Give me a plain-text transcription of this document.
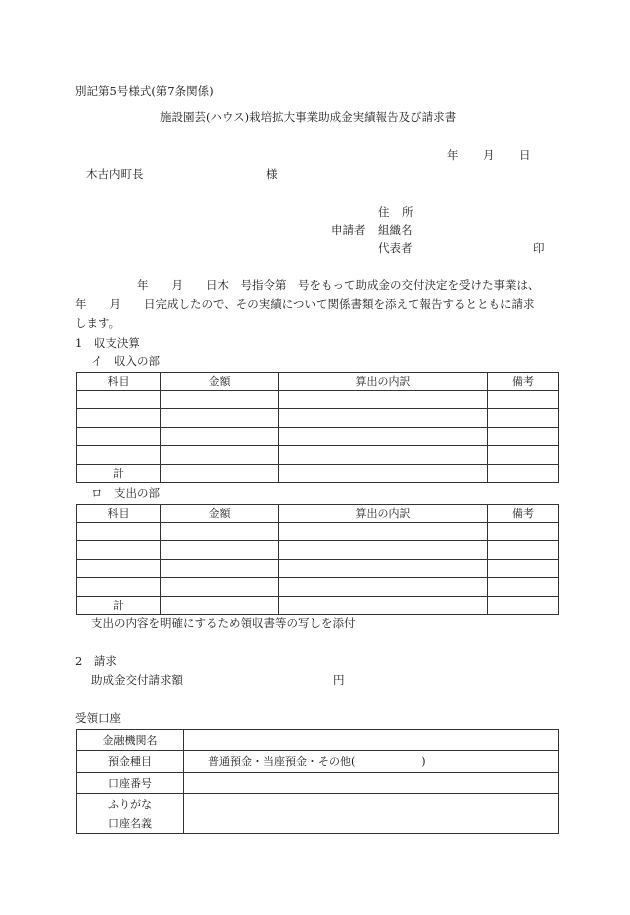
別記第5号様式(第7条関係)
施設園芸(ハウス)栽培拡大事業助成金実績報告及び請求書
年 月 日
木古内町長	様
住 所
申請者 組織名
代表者	印
年　　月　　日木　号指令第　号をもって助成金の交付決定を受けた事業は、
年　　月　　日完成したので、その実績について関係書類を添えて報告するとともに請求
します。
1　収支決算
イ　収入の部
科目	金額	算出の内訳	備考

計			
ロ　支出の部
科目	金額	算出の内訳	備考

計			
支出の内容を明確にするため領収書等の写しを添付
2　請求
助成金交付請求額	円
受領口座
金融機関名	
預金種目	普通預金・当座預金・その他(　　　　　　)
口座番号	

ふりがな
口座名義	
